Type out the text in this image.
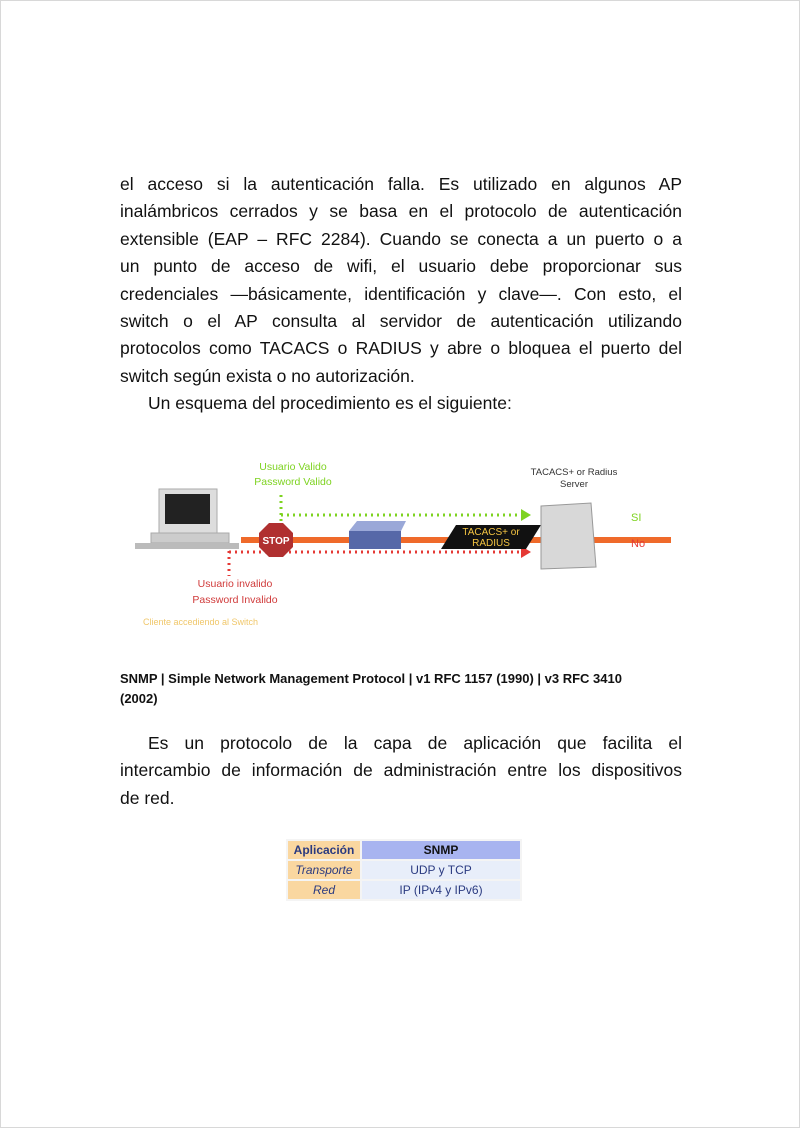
el acceso si la autenticación falla. Es utilizado en algunos AP
inalámbricos cerrados y se basa en el protocolo de autenticación
extensible (EAP – RFC 2284). Cuando se conecta a un puerto o a
un punto de acceso de wifi, el usuario debe proporcionar sus
credenciales —básicamente, identificación y clave—. Con esto, el
switch o el AP consulta al servidor de autenticación utilizando
protocolos como TACACS o RADIUS y abre o bloquea el puerto del
switch según exista o no autorización.
Un esquema del procedimiento es el siguiente:
Usuario Valido
Password Valido
STOP
TACACS+ or
RADIUS
TACACS+ or Radius
Server
SI
No
Usuario invalido
Password Invalido
Cliente accediendo al Switch
SNMP | Simple Network Management Protocol | v1 RFC 1157 (1990) | v3 RFC 3410
(2002)
Es un protocolo de la capa de aplicación que facilita el
intercambio de información de administración entre los dispositivos
de red.
Aplicación	SNMP
Transporte	UDP y TCP
Red	IP (IPv4 y IPv6)
